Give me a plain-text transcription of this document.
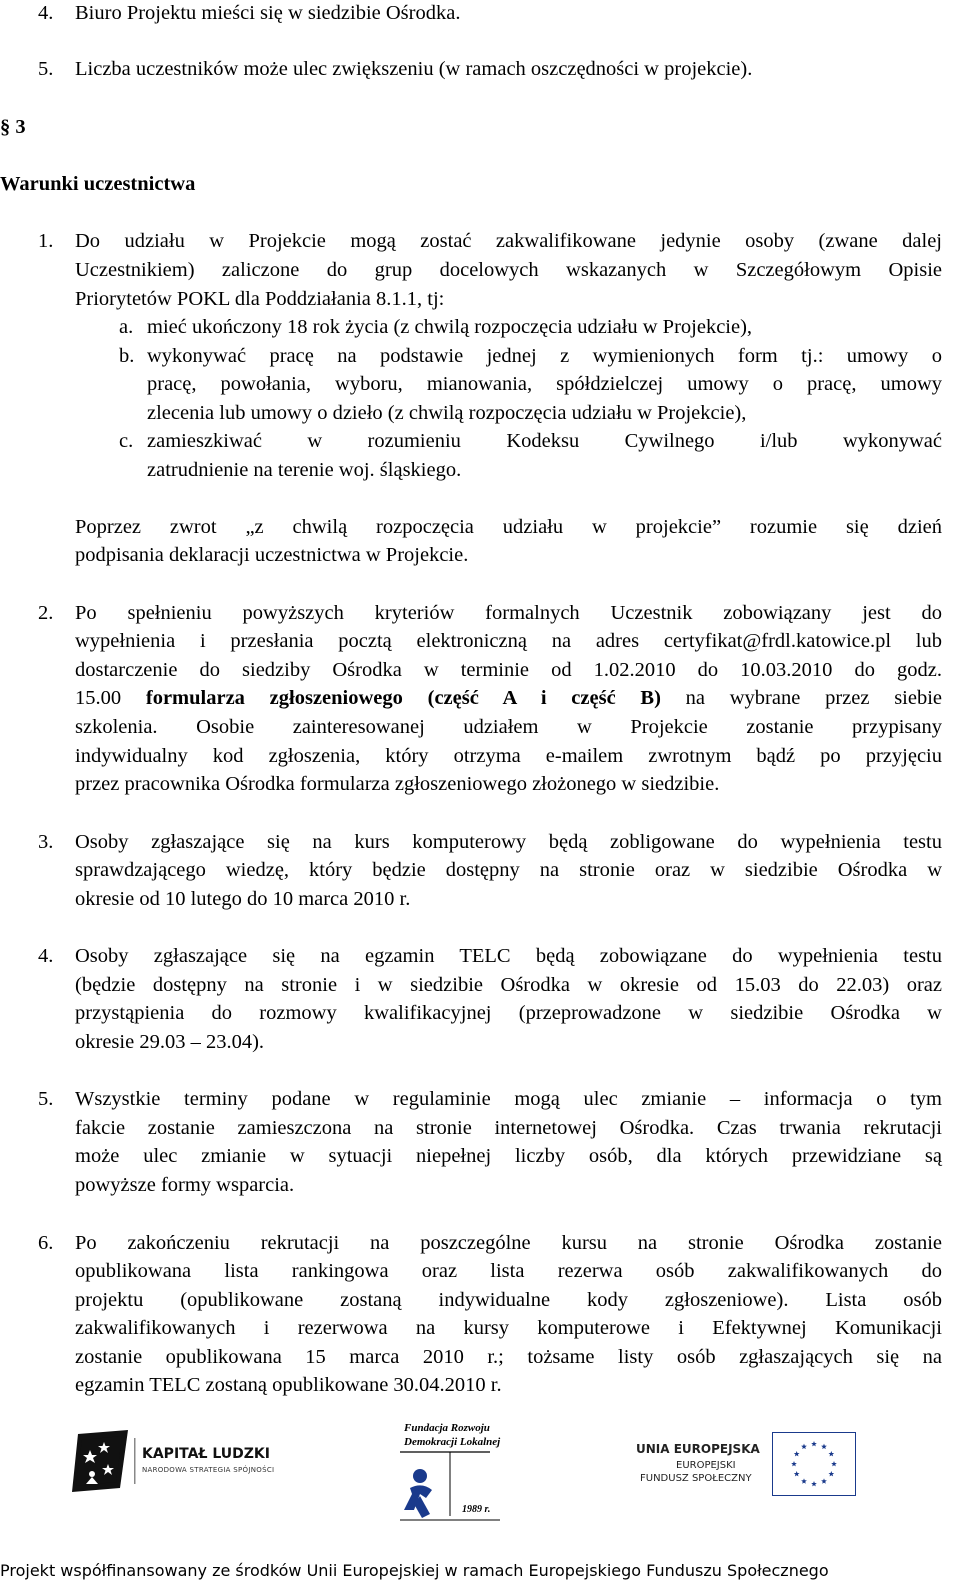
4. Biuro Projektu mieści się w siedzibie Ośrodka.
5. Liczba uczestników może ulec zwiększeniu (w ramach oszczędności w projekcie).
§ 3
Warunki uczestnictwa
1. Do udziału w Projekcie mogą zostać zakwalifikowane jedynie osoby (zwane dalej
Uczestnikiem) zaliczone do grup docelowych wskazanych w Szczegółowym Opisie
Priorytetów POKL dla Poddziałania 8.1.1, tj:
a. mieć ukończony 18 rok życia (z chwilą rozpoczęcia udziału w Projekcie),
b. wykonywać pracę na podstawie jednej z wymienionych form tj.: umowy o
pracę, powołania, wyboru, mianowania, spółdzielczej umowy o pracę, umowy
zlecenia lub umowy o dzieło (z chwilą rozpoczęcia udziału w Projekcie),
c. zamieszkiwać w rozumieniu Kodeksu Cywilnego i/lub wykonywać
zatrudnienie na terenie woj. śląskiego.
Poprzez zwrot „z chwilą rozpoczęcia udziału w projekcie” rozumie się dzień
podpisania deklaracji uczestnictwa w Projekcie.
2. Po spełnieniu powyższych kryteriów formalnych Uczestnik zobowiązany jest do
wypełnienia i przesłania pocztą elektroniczną na adres certyfikat@frdl.katowice.pl lub
dostarczenie do siedziby Ośrodka w terminie od 1.02.2010 do 10.03.2010 do godz.
15.00 formularza zgłoszeniowego (część A i część B) na wybrane przez siebie
szkolenia. Osobie zainteresowanej udziałem w Projekcie zostanie przypisany
indywidualny kod zgłoszenia, który otrzyma e-mailem zwrotnym bądź po przyjęciu
przez pracownika Ośrodka formularza zgłoszeniowego złożonego w siedzibie.
3. Osoby zgłaszające się na kurs komputerowy będą zobligowane do wypełnienia testu
sprawdzającego wiedzę, który będzie dostępny na stronie oraz w siedzibie Ośrodka w
okresie od 10 lutego do 10 marca 2010 r.
4. Osoby zgłaszające się na egzamin TELC będą zobowiązane do wypełnienia testu
(będzie dostępny na stronie i w siedzibie Ośrodka w okresie od 15.03 do 22.03) oraz
przystąpienia do rozmowy kwalifikacyjnej (przeprowadzone w siedzibie Ośrodka w
okresie 29.03 – 23.04).
5. Wszystkie terminy podane w regulaminie mogą ulec zmianie – informacja o tym
fakcie zostanie zamieszczona na stronie internetowej Ośrodka. Czas trwania rekrutacji
może ulec zmianie w sytuacji niepełnej liczby osób, dla których przewidziane są
powyższe formy wsparcia.
6. Po zakończeniu rekrutacji na poszczególne kursu na stronie Ośrodka zostanie
opublikowana lista rankingowa oraz lista rezerwa osób zakwalifikowanych do
projektu (opublikowane zostaną indywidualne kody zgłoszeniowe). Lista osób
zakwalifikowanych i rezerwowa na kursy komputerowe i Efektywnej Komunikacji
zostanie opublikowana 15 marca 2010 r.; tożsame listy osób zgłaszających się na
egzamin TELC zostaną opublikowane 30.04.2010 r.
KAPITAŁ LUDZKI
NARODOWA STRATEGIA SPÓJNOŚCI
Fundacja Rozwoju
Demokracji Lokalnej
1989 r.
UNIA EUROPEJSKA
EUROPEJSKI
FUNDUSZ SPOŁECZNY
Projekt współfinansowany ze środków Unii Europejskiej w ramach Europejskiego Funduszu Społecznego
